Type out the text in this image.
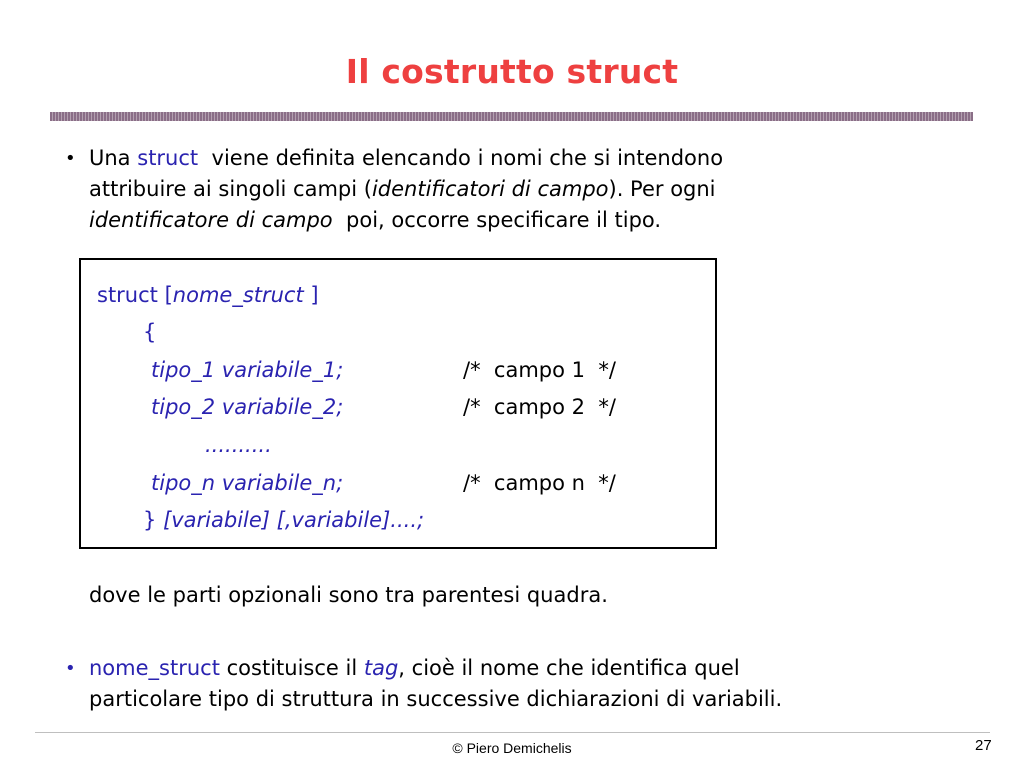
Il costrutto struct
• Una struct viene definita elencando i nomi che si intendono
attribuire ai singoli campi (identificatori di campo). Per ogni
identificatore di campo poi, occorre specificare il tipo.
struct [nome_struct ]
{
tipo_1 variabile_1;	/*  campo 1  */
tipo_2 variabile_2;	/*  campo 2  */
..........
tipo_n variabile_n;	/*  campo n  */
} [variabile] [,variabile]....;
dove le parti opzionali sono tra parentesi quadra.
• nome_struct costituisce il tag, cioè il nome che identifica quel
particolare tipo di struttura in successive dichiarazioni di variabili.
© Piero Demichelis	27
